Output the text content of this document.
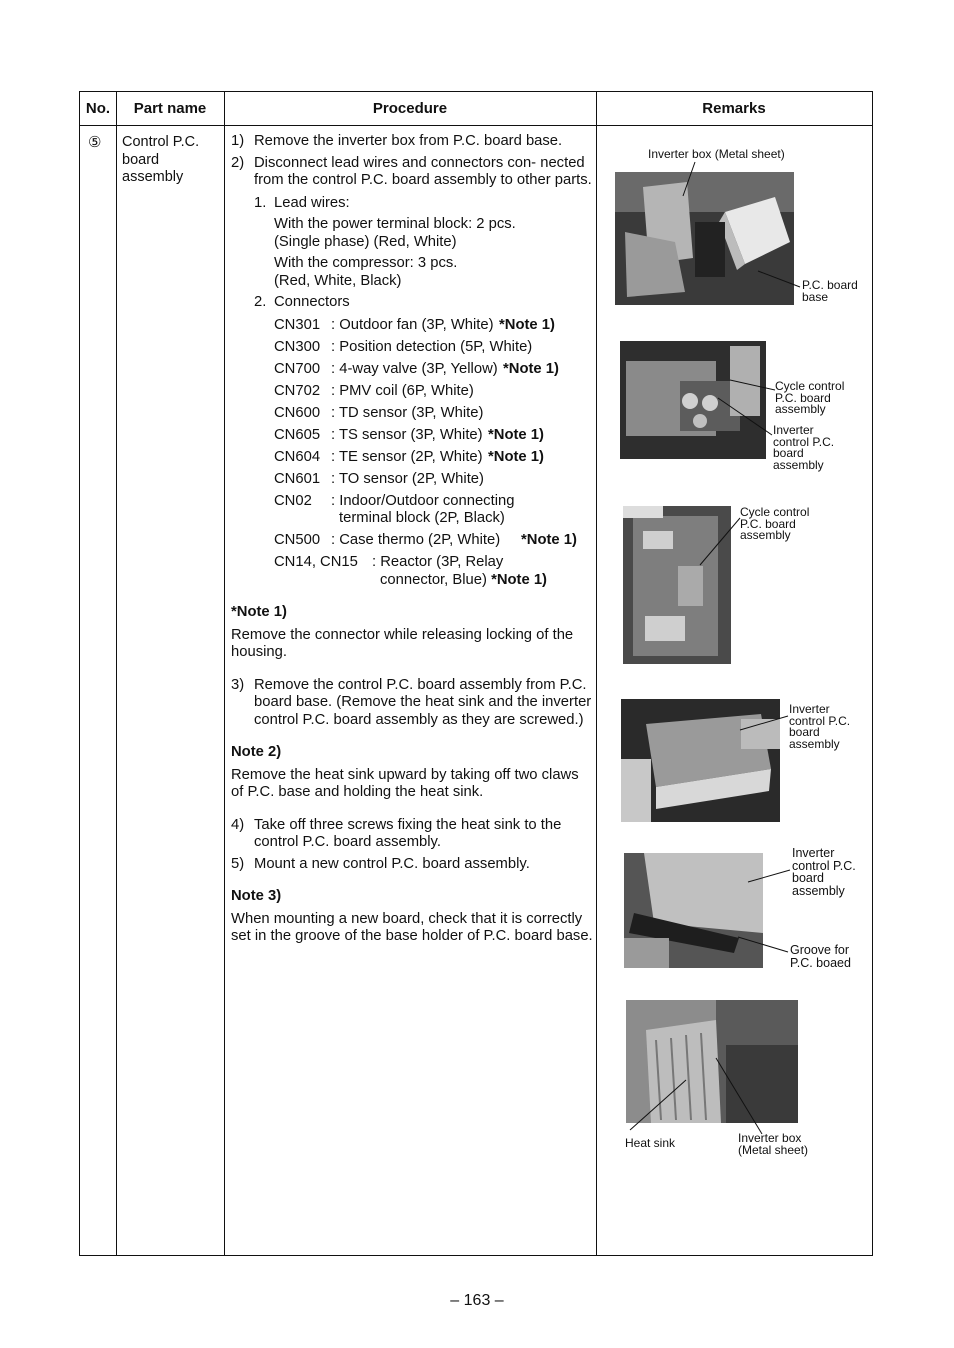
No.	Part name	Procedure	Remarks
⑤ Control P.C. board assembly
1) Remove the inverter box from P.C. board base.
2) Disconnect lead wires and connectors con- nected from the control P.C. board assembly to other parts.
1. Lead wires:
With the power terminal block: 2 pcs.
(Single phase) (Red, White)
With the compressor: 3 pcs.
(Red, White, Black)
2. Connectors
CN301 : Outdoor fan (3P, White) *Note 1)
CN300 : Position detection (5P, White)
CN700 : 4-way valve (3P, Yellow) *Note 1)
CN702 : PMV coil (6P, White)
CN600 : TD sensor (3P, White)
CN605 : TS sensor (3P, White) *Note 1)
CN604 : TE sensor (2P, White) *Note 1)
CN601 : TO sensor (2P, White)
CN02 : Indoor/Outdoor connecting
terminal block (2P, Black)
CN500 : Case thermo (2P, White) *Note 1)
CN14, CN15 : Reactor (3P, Relay
connector, Blue) *Note 1)
*Note 1)
Remove the connector while releasing locking of the housing.
3) Remove the control P.C. board assembly from P.C. board base. (Remove the heat sink and the inverter control P.C. board assembly as they are screwed.)
Note 2)
Remove the heat sink upward by taking off two claws of P.C. base and holding the heat sink.
4) Take off three screws fixing the heat sink to the control P.C. board assembly.
5) Mount a new control P.C. board assembly.
Note 3)
When mounting a new board, check that it is correctly set in the groove of the base holder of P.C. board base.
Inverter box (Metal sheet)
P.C. board base
Cycle control P.C. board assembly
Inverter control P.C. board assembly
Cycle control P.C. board assembly
Inverter control P.C. board assembly
Inverter control P.C. board assembly
Groove for P.C. boaed
Heat sink	Inverter box (Metal sheet)
– 163 –
